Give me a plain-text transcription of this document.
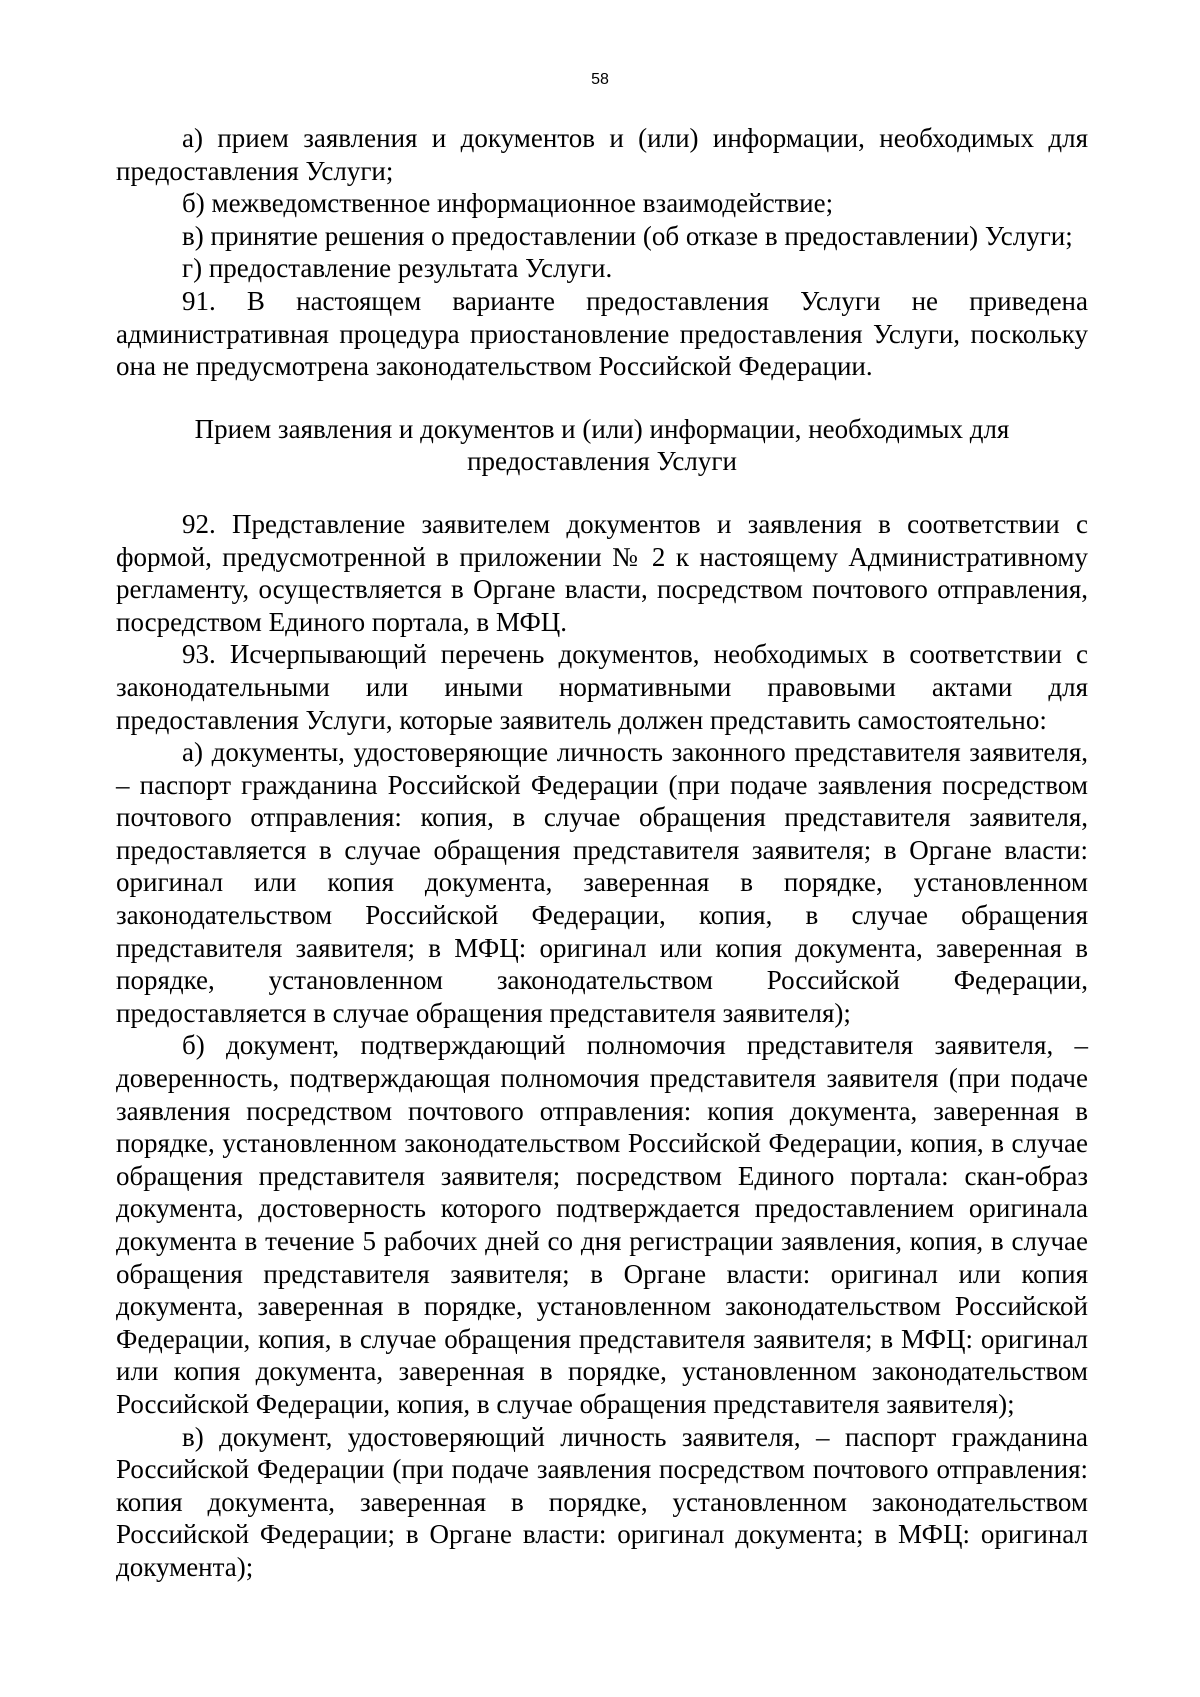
58

а) прием заявления и документов и (или) информации, необходимых для предоставления Услуги;

б) межведомственное информационное взаимодействие;

в) принятие решения о предоставлении (об отказе в предоставлении) Услуги;

г) предоставление результата Услуги.

91. В настоящем варианте предоставления Услуги не приведена административная процедура приостановление предоставления Услуги, поскольку она не предусмотрена законодательством Российской Федерации.

Прием заявления и документов и (или) информации, необходимых для
предоставления Услуги

92. Представление заявителем документов и заявления в соответствии с формой, предусмотренной в приложении № 2 к настоящему Административному регламенту, осуществляется в Органе власти, посредством почтового отправления, посредством Единого портала, в МФЦ.

93. Исчерпывающий перечень документов, необходимых в соответствии с законодательными или иными нормативными правовыми актами для предоставления Услуги, которые заявитель должен представить самостоятельно:

а) документы, удостоверяющие личность законного представителя заявителя, – паспорт гражданина Российской Федерации (при подаче заявления посредством почтового отправления: копия, в случае обращения представителя заявителя, предоставляется в случае обращения представителя заявителя; в Органе власти: оригинал или копия документа, заверенная в порядке, установленном законодательством Российской Федерации, копия, в случае обращения представителя заявителя; в МФЦ: оригинал или копия документа, заверенная в порядке, установленном законодательством Российской Федерации, предоставляется в случае обращения представителя заявителя);

б) документ, подтверждающий полномочия представителя заявителя, – доверенность, подтверждающая полномочия представителя заявителя (при подаче заявления посредством почтового отправления: копия документа, заверенная в порядке, установленном законодательством Российской Федерации, копия, в случае обращения представителя заявителя; посредством Единого портала: скан-образ документа, достоверность которого подтверждается предоставлением оригинала документа в течение 5 рабочих дней со дня регистрации заявления, копия, в случае обращения представителя заявителя; в Органе власти: оригинал или копия документа, заверенная в порядке, установленном законодательством Российской Федерации, копия, в случае обращения представителя заявителя; в МФЦ: оригинал или копия документа, заверенная в порядке, установленном законодательством Российской Федерации, копия, в случае обращения представителя заявителя);

в) документ, удостоверяющий личность заявителя, – паспорт гражданина Российской Федерации (при подаче заявления посредством почтового отправления: копия документа, заверенная в порядке, установленном законодательством Российской Федерации; в Органе власти: оригинал документа; в МФЦ: оригинал документа);
